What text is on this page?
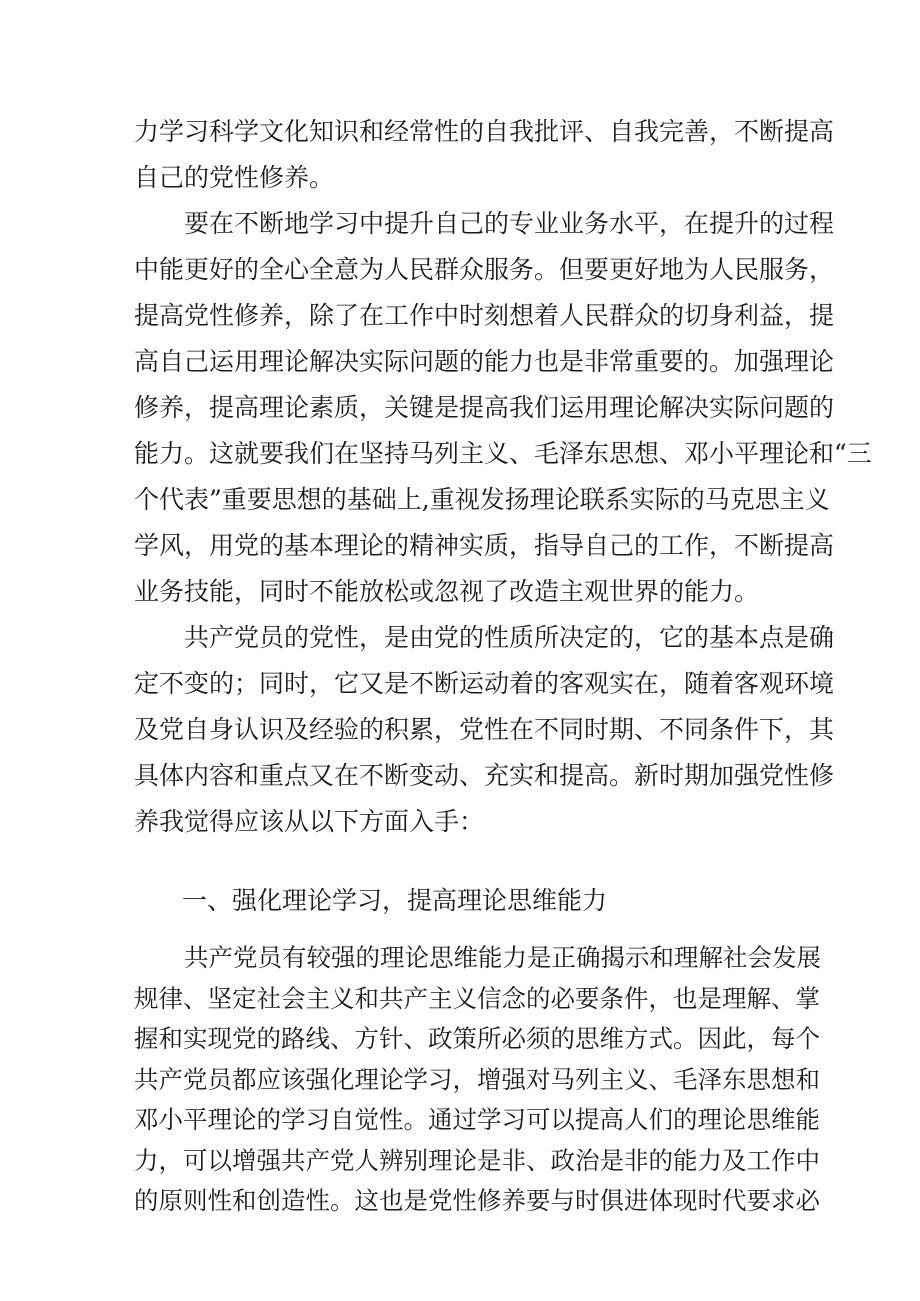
力学习科学文化知识和经常性的自我批评、自我完善，不断提高
自己的党性修养。
要在不断地学习中提升自己的专业业务水平，在提升的过程
中能更好的全心全意为人民群众服务。但要更好地为人民服务，
提高党性修养，除了在工作中时刻想着人民群众的切身利益，提
高自己运用理论解决实际问题的能力也是非常重要的。加强理论
修养，提高理论素质，关键是提高我们运用理论解决实际问题的
能力。这就要我们在坚持马列主义、毛泽东思想、邓小平理论和“三
个代表”重要思想的基础上,重视发扬理论联系实际的马克思主义
学风，用党的基本理论的精神实质，指导自己的工作，不断提高
业务技能，同时不能放松或忽视了改造主观世界的能力。
共产党员的党性，是由党的性质所决定的，它的基本点是确
定不变的；同时，它又是不断运动着的客观实在，随着客观环境
及党自身认识及经验的积累，党性在不同时期、不同条件下，其
具体内容和重点又在不断变动、充实和提高。新时期加强党性修
养我觉得应该从以下方面入手：
一、强化理论学习，提高理论思维能力
共产党员有较强的理论思维能力是正确揭示和理解社会发展
规律、坚定社会主义和共产主义信念的必要条件，也是理解、掌
握和实现党的路线、方针、政策所必须的思维方式。因此，每个
共产党员都应该强化理论学习，增强对马列主义、毛泽东思想和
邓小平理论的学习自觉性。通过学习可以提高人们的理论思维能
力，可以增强共产党人辨别理论是非、政治是非的能力及工作中
的原则性和创造性。这也是党性修养要与时俱进体现时代要求必
